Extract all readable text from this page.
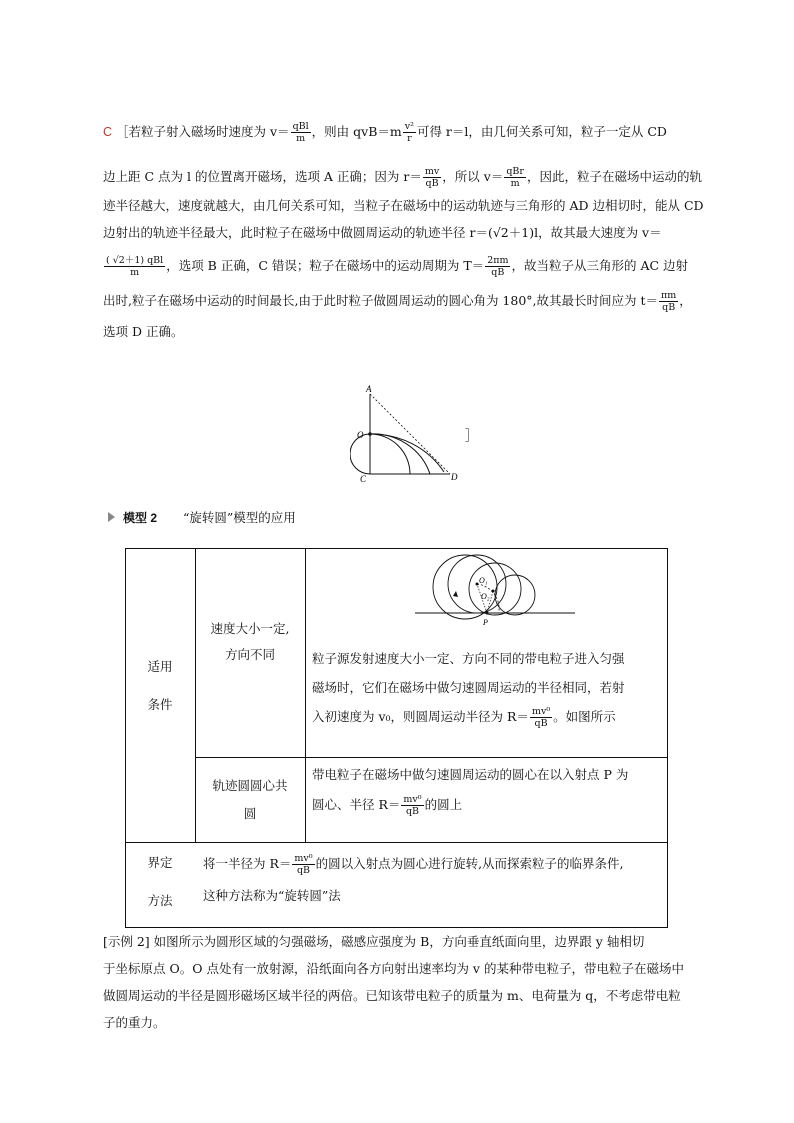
C ［若粒子射入磁场时速度为 $v= \frac{\text{qBl}}{m}$ ，则由 $qvB=m \frac{\text{v²}}{r}$ 可得 r＝l，由几何关系可知，粒子一定从 CD
边上距 C 点为 l 的位置离开磁场，选项 A 正确；因为 $r= \frac{mv}{qB}$ ，所以 $v= \frac{\text{qBr}}{m}$ ，因此，粒子在磁场中运动的轨
迹半径越大，速度就越大，由几何关系可知，当粒子在磁场中的运动轨迹与三角形的 AD 边相切时，能从 CD
边射出的轨迹半径最大，此时粒子在磁场中做圆周运动的轨迹半径 r＝(√2＋1)l，故其最大速度为 v＝
$\frac{\text{( √2＋1) qBl}}{m}$ ，选项 B 正确，C 错误；粒子在磁场中的运动周期为 $T= \frac{2\pi m}{qB}$ ，故当粒子从三角形的 AC 边射
出时,粒子在磁场中运动的时间最长,由于此时粒子做圆周运动的圆心角为 180°,故其最长时间应为 $t= \frac{\pi m}{qB}$ ，
选项 D 正确。
A
O
C	D
］
模型 2 “旋转圆”模型的应用
适用
条件
速度大小一定,
方向不同
O₁
O₂
P
粒子源发射速度大小一定、方向不同的带电粒子进入匀强
磁场时，它们在磁场中做匀速圆周运动的半径相同，若射
入初速度为 v₀，则圆周运动半径为 $R= \frac{\text{mv⁰}}{qB}$ 。如图所示
轨迹圆圆心共
圆
带电粒子在磁场中做匀速圆周运动的圆心在以入射点 P 为
圆心、半径 $R= \frac{\text{mv⁰}}{qB}$ 的圆上
界定
方法
将一半径为 $R= \frac{\text{mv⁰}}{qB}$ 的圆以入射点为圆心进行旋转,从而探索粒子的临界条件,
这种方法称为“旋转圆”法
[示例 2] 如图所示为圆形区域的匀强磁场，磁感应强度为 B，方向垂直纸面向里，边界跟 y 轴相切
于坐标原点 O。O 点处有一放射源，沿纸面向各方向射出速率均为 v 的某种带电粒子，带电粒子在磁场中
做圆周运动的半径是圆形磁场区域半径的两倍。已知该带电粒子的质量为 m、电荷量为 q，不考虑带电粒
子的重力。
